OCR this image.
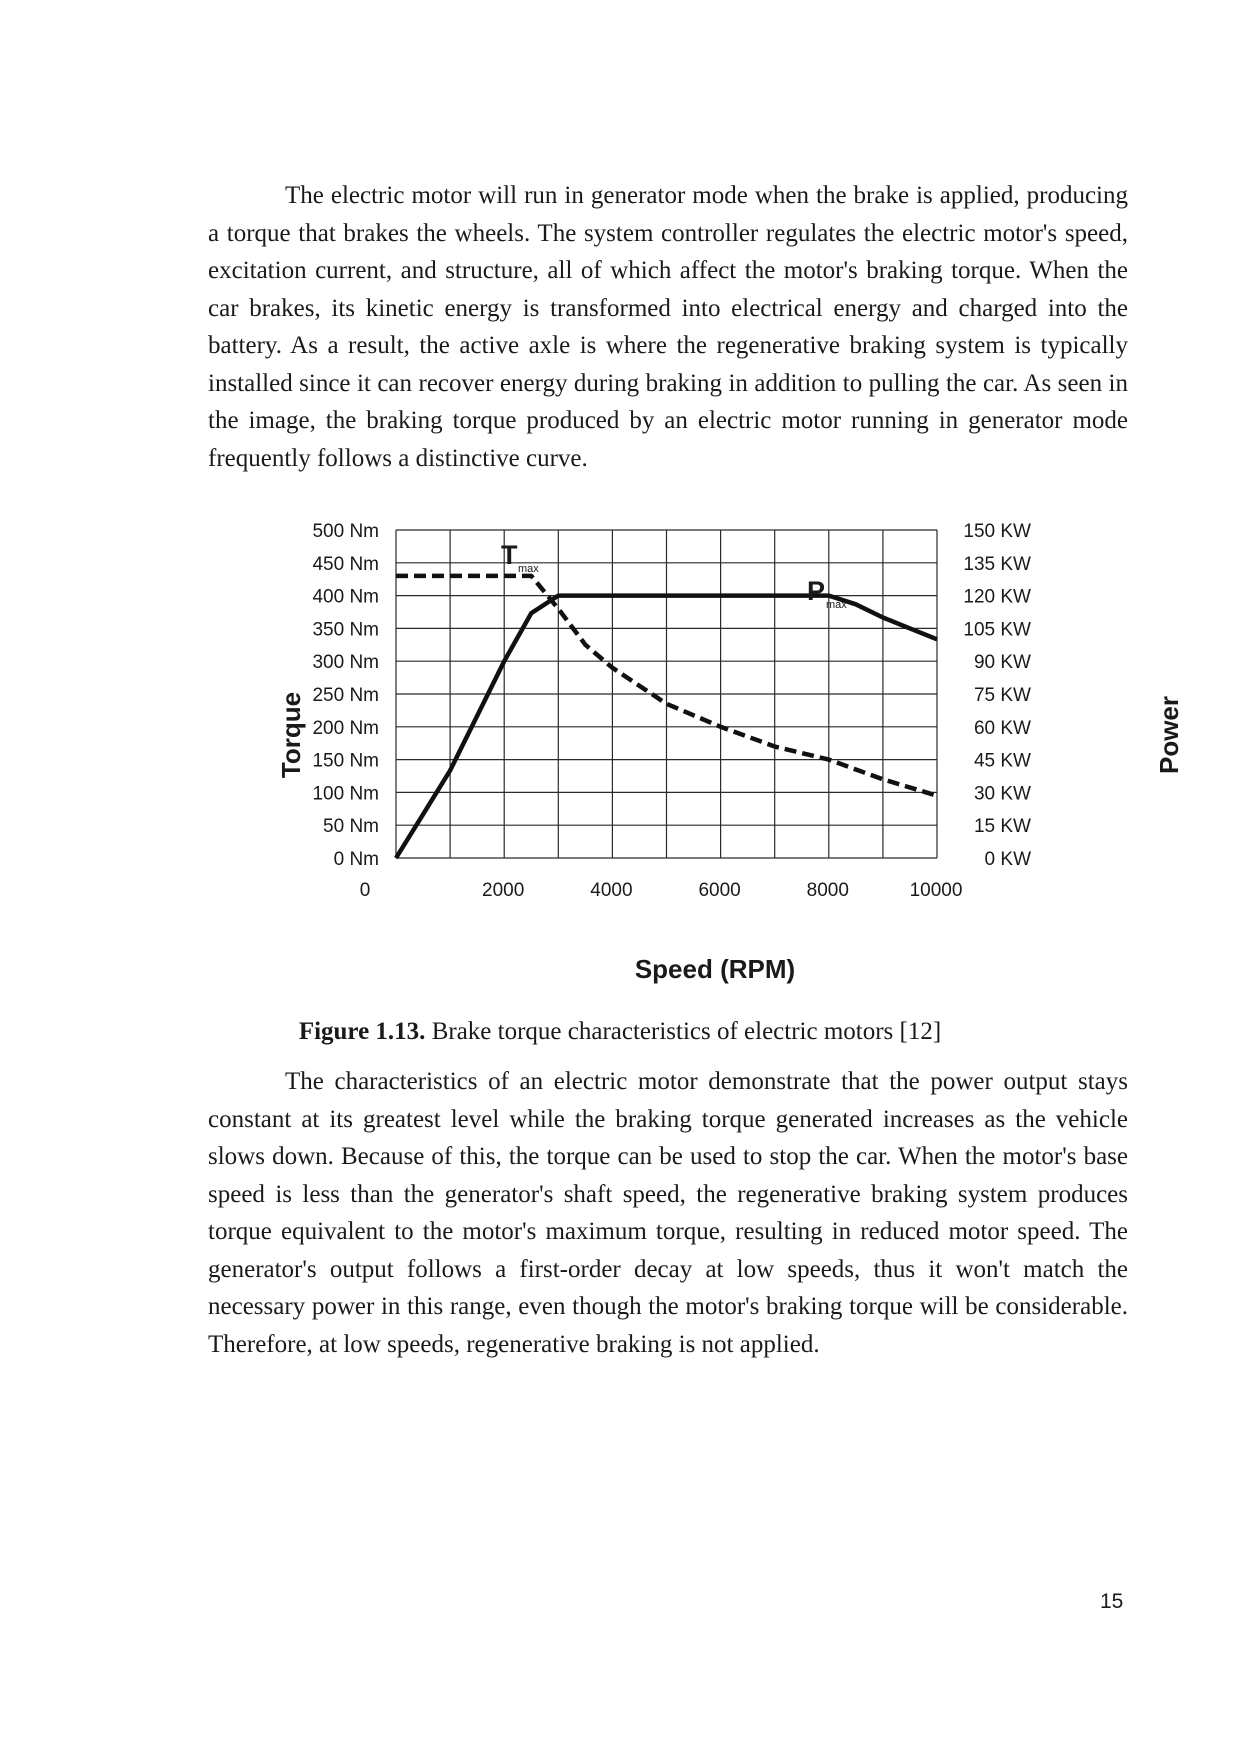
The electric motor will run in generator mode when the brake is applied, producing a torque that brakes the wheels. The system controller regulates the electric motor's speed, excitation current, and structure, all of which affect the motor's braking torque. When the car brakes, its kinetic energy is transformed into electrical energy and charged into the battery. As a result, the active axle is where the regenerative braking system is typically installed since it can recover energy during braking in addition to pulling the car. As seen in the image, the braking torque produced by an electric motor running in generator mode frequently follows a distinctive curve.

0 Nm
50 Nm
100 Nm
150 Nm
200 Nm
250 Nm
300 Nm
350 Nm
400 Nm
450 Nm
500 Nm
0 KW
15 KW
30 KW
45 KW
60 KW
75 KW
90 KW
105 KW
120 KW
135 KW
150 KW
0	2000	4000	6000	8000	10000
T max
P max
Torque	Power
Speed (RPM)
Figure 1.13. Brake torque characteristics of electric motors [12]

The characteristics of an electric motor demonstrate that the power output stays constant at its greatest level while the braking torque generated increases as the vehicle slows down. Because of this, the torque can be used to stop the car. When the motor's base speed is less than the generator's shaft speed, the regenerative braking system produces torque equivalent to the motor's maximum torque, resulting in reduced motor speed. The generator's output follows a first-order decay at low speeds, thus it won't match the necessary power in this range, even though the motor's braking torque will be considerable. Therefore, at low speeds, regenerative braking is not applied.

15
